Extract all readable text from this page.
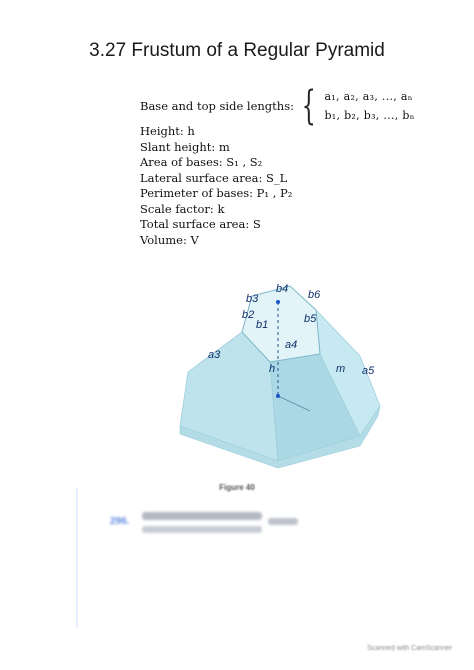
3.27 Frustum of a Regular Pyramid
Base and top side lengths: { a₁, a₂, a₃, ..., aₙ
b₁, b₂, b₃, ..., bₙ
Height: h
Slant height: m
Area of bases: S₁ , S₂
Lateral surface area: S_L
Perimeter of bases: P₁ , P₂
Scale factor: k
Total surface area: S
Volume: V
b3
b4 b6
b2	b5
b1
a4
a3
h	m a5
Figure 40
296.
Scanned with CamScanner
